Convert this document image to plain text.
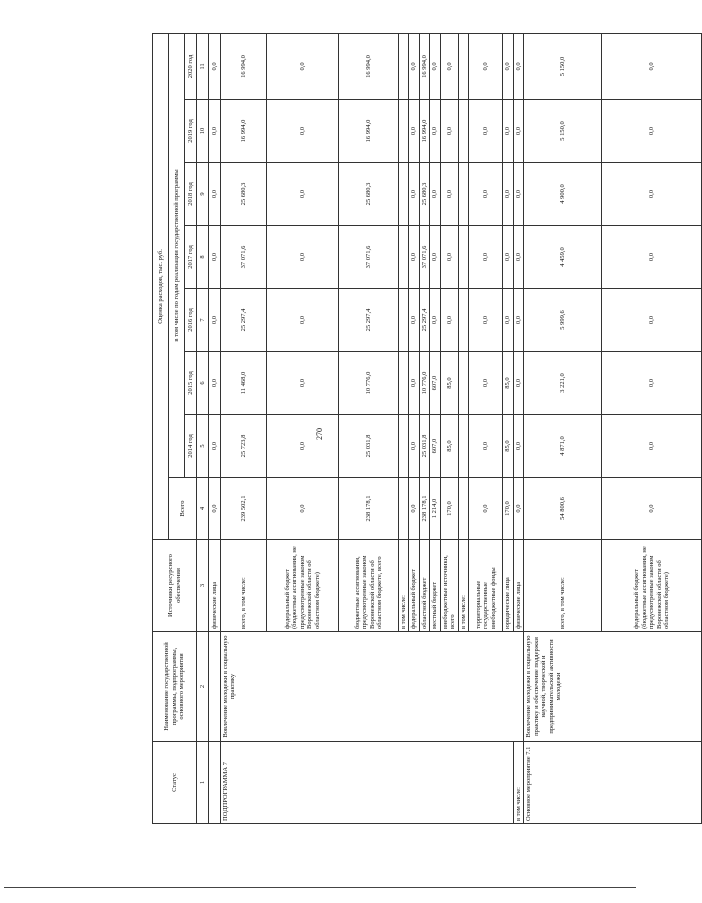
270
Статус	Наименование государственной программы, подпрограммы, основного мероприятия	Источники ресурсного обеспечения	Оценка расходов, тыс. руб.							
			Всего	в том числе по годам реализации государственной программы						
				2014 год	2015 год	2016 год	2017 год	2018 год	2019 год	2020 год
1	2	3	4	5	6	7	8	9	10	11
		физические лица	0,0	0,0	0,0	0,0	0,0	0,0	0,0	0,0
ПОДПРОГРАММА 7	Вовлечение молодежи в социальную практику	всего, в том числе:	239 502,1	25 723,8	11 468,0	25 297,4	37 071,6	25 680,3	16 994,0	16 994,0
		федеральный бюджет (бюджетные ассигнования, не предусмотренные законом Воронежской области об областном бюджете)	0,0	0,0	0,0	0,0	0,0	0,0	0,0	0,0
		бюджетные ассигнования, предусмотренные законом Воронежской области об областном бюджете, всего	238 178,1	25 031,8	10 776,0	25 297,4	37 071,6	25 680,3	16 994,0	16 994,0
		в том числе:								
		федеральный бюджет	0,0	0,0	0,0	0,0	0,0	0,0	0,0	0,0
		областной бюджет	238 178,1	25 031,8	10 776,0	25 297,4	37 071,6	25 680,3	16 994,0	16 994,0
		местный бюджет	1 214,0	607,0	607,0	0,0	0,0	0,0	0,0	0,0
		внебюджетные источники, всего	170,0	85,0	85,0	0,0	0,0	0,0	0,0	0,0
		в том числе:								
		территориальные государственные внебюджетные фонды	0,0	0,0	0,0	0,0	0,0	0,0	0,0	0,0
		юридические лица	170,0	85,0	85,0	0,0	0,0	0,0	0,0	0,0
в том числе:		физические лица	0,0	0,0	0,0	0,0	0,0	0,0	0,0	0,0
Основное мероприятие 7.1	Вовлечение молодежи в социальную практику и обеспечение поддержки научной, творческой и предпринимательской активности молодежи	всего, в том числе:	54 800,6	4 871,0	3 221,0	5 999,6	4 459,0	4 900,0	5 150,0	5 150,0
		федеральный бюджет (бюджетные ассигнования, не предусмотренные законом Воронежской области об областном бюджете)	0,0	0,0	0,0	0,0	0,0	0,0	0,0	0,0
